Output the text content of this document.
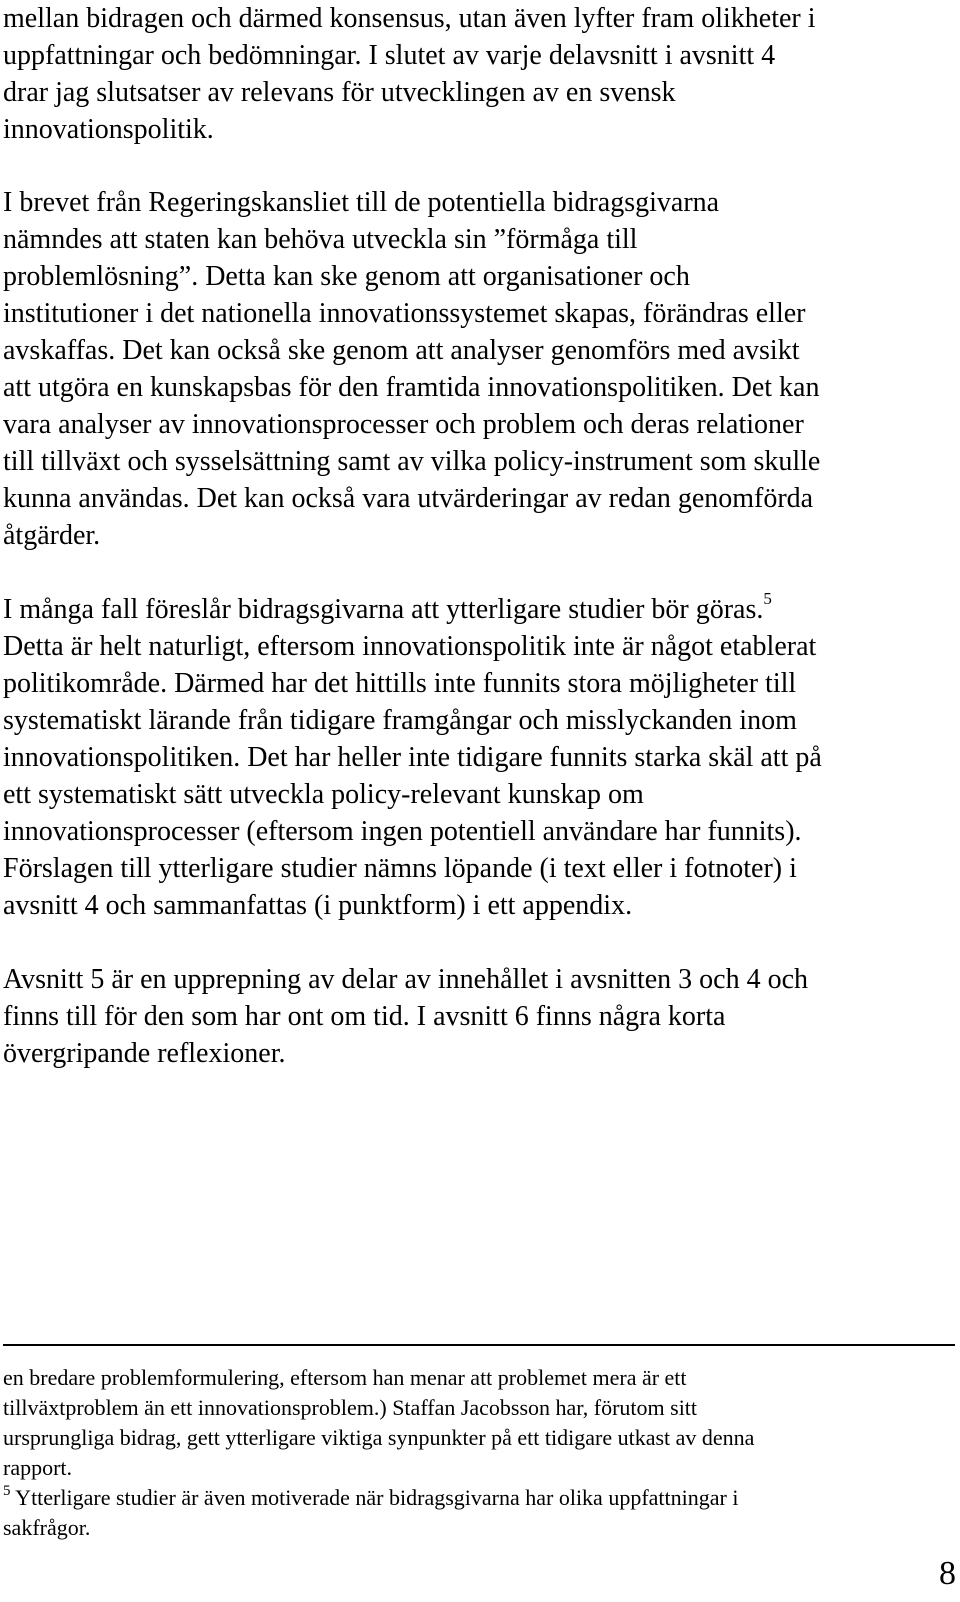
mellan bidragen och därmed konsensus, utan även lyfter fram olikheter i
uppfattningar och bedömningar. I slutet av varje delavsnitt i avsnitt 4
drar jag slutsatser av relevans för utvecklingen av en svensk
innovationspolitik.
I brevet från Regeringskansliet till de potentiella bidragsgivarna
nämndes att staten kan behöva utveckla sin ”förmåga till
problemlösning”. Detta kan ske genom att organisationer och
institutioner i det nationella innovationssystemet skapas, förändras eller
avskaffas. Det kan också ske genom att analyser genomförs med avsikt
att utgöra en kunskapsbas för den framtida innovationspolitiken. Det kan
vara analyser av innovationsprocesser och problem och deras relationer
till tillväxt och sysselsättning samt av vilka policy-instrument som skulle
kunna användas. Det kan också vara utvärderingar av redan genomförda
åtgärder.
I många fall föreslår bidragsgivarna att ytterligare studier bör göras.$^5$
Detta är helt naturligt, eftersom innovationspolitik inte är något etablerat
politikområde. Därmed har det hittills inte funnits stora möjligheter till
systematiskt lärande från tidigare framgångar och misslyckanden inom
innovationspolitiken. Det har heller inte tidigare funnits starka skäl att på
ett systematiskt sätt utveckla policy-relevant kunskap om
innovationsprocesser (eftersom ingen potentiell användare har funnits).
Förslagen till ytterligare studier nämns löpande (i text eller i fotnoter) i
avsnitt 4 och sammanfattas (i punktform) i ett appendix.
Avsnitt 5 är en upprepning av delar av innehållet i avsnitten 3 och 4 och
finns till för den som har ont om tid. I avsnitt 6 finns några korta
övergripande reflexioner.
en bredare problemformulering, eftersom han menar att problemet mera är ett
tillväxtproblem än ett innovationsproblem.) Staffan Jacobsson har, förutom sitt
ursprungliga bidrag, gett ytterligare viktiga synpunkter på ett tidigare utkast av denna
rapport.
$^5$ Ytterligare studier är även motiverade när bidragsgivarna har olika uppfattningar i
sakfrågor.
8
